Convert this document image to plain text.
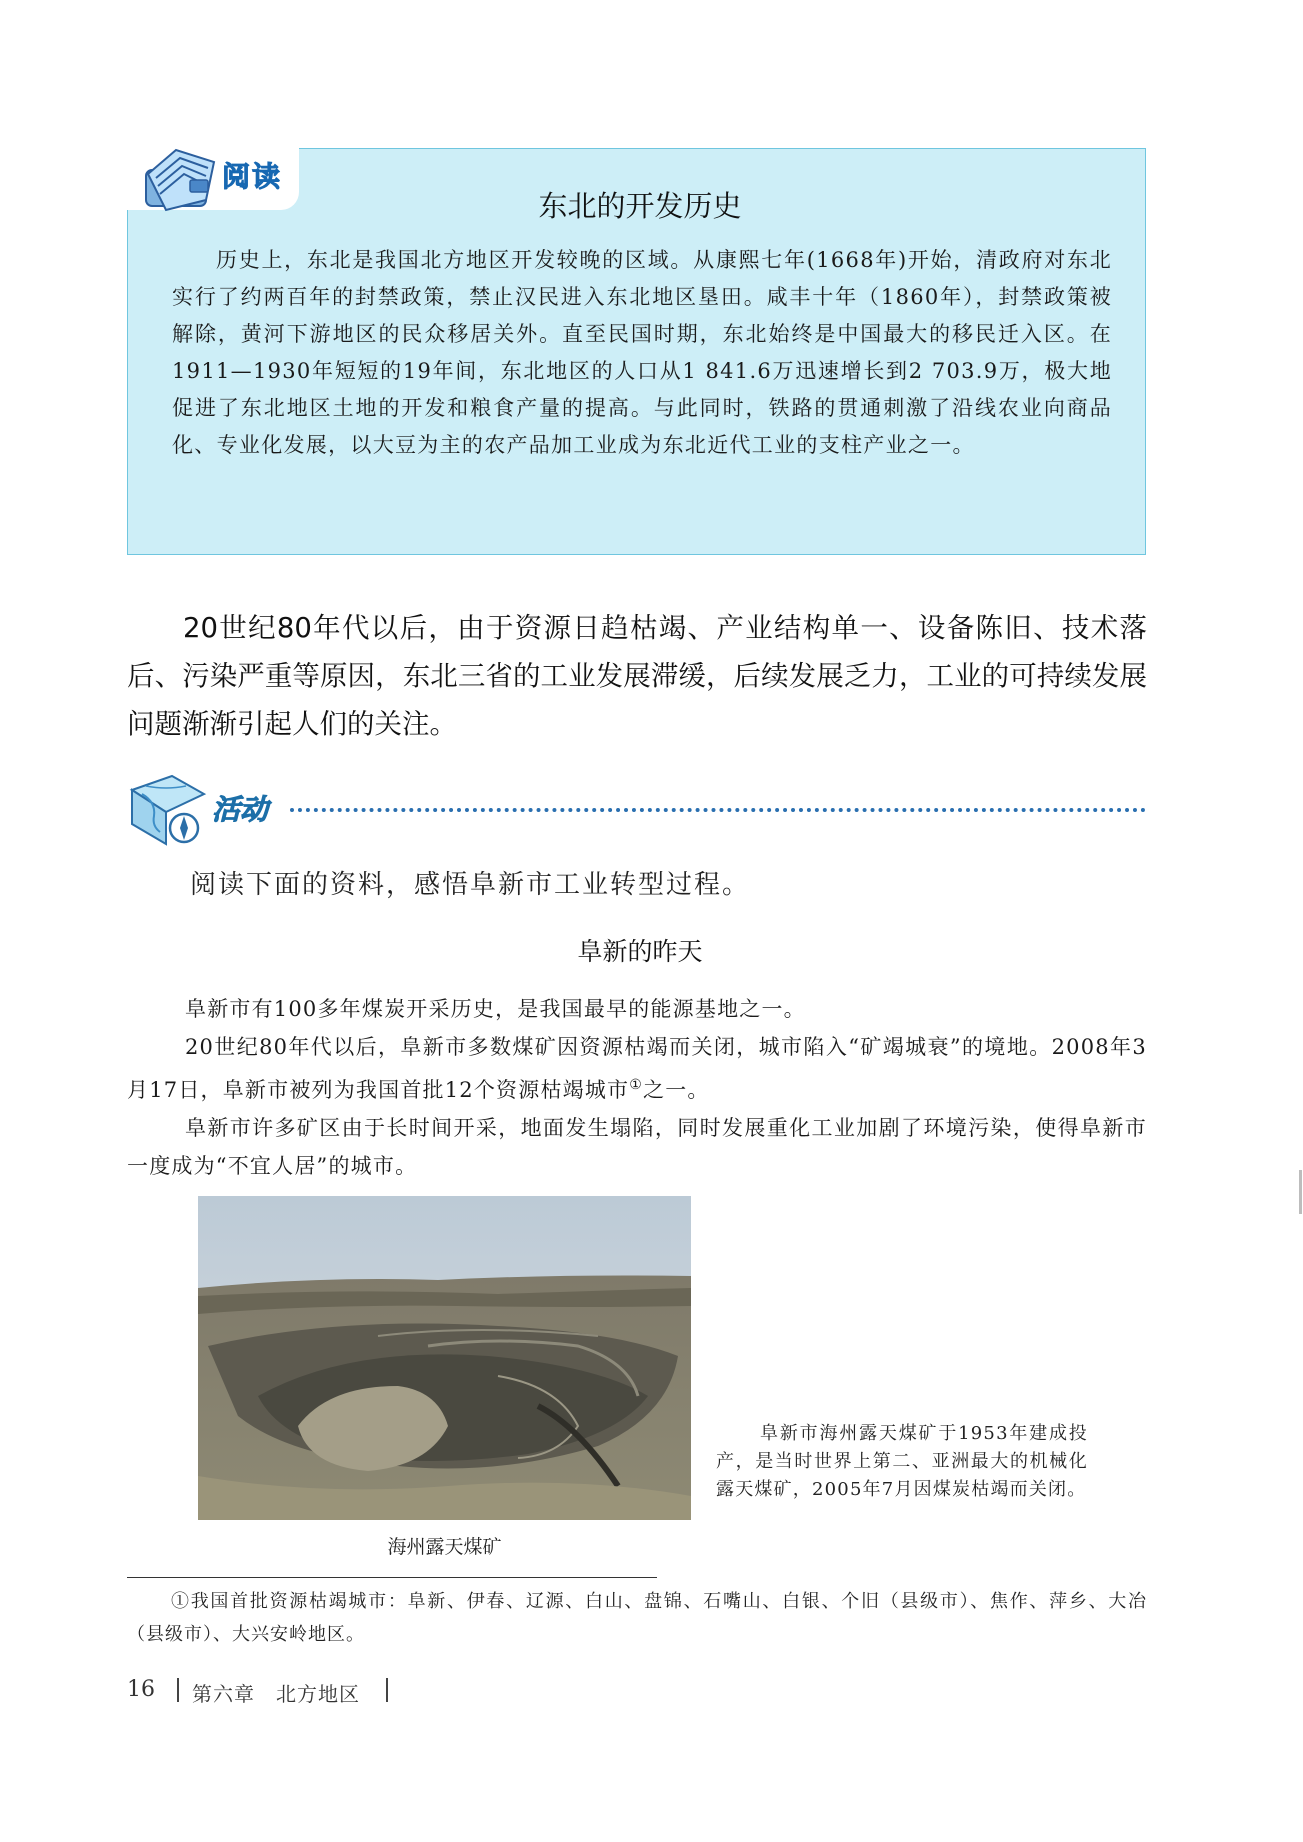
阅读
东北的开发历史

历史上，东北是我国北方地区开发较晚的区域。从康熙七年(1668年)开始，清政府对东北实行了约两百年的封禁政策，禁止汉民进入东北地区垦田。咸丰十年（1860年），封禁政策被解除，黄河下游地区的民众移居关外。直至民国时期，东北始终是中国最大的移民迁入区。在1911—1930年短短的19年间，东北地区的人口从1 841.6万迅速增长到2 703.9万，极大地促进了东北地区土地的开发和粮食产量的提高。与此同时，铁路的贯通刺激了沿线农业向商品化、专业化发展，以大豆为主的农产品加工业成为东北近代工业的支柱产业之一。

20世纪80年代以后，由于资源日趋枯竭、产业结构单一、设备陈旧、技术落后、污染严重等原因，东北三省的工业发展滞缓，后续发展乏力，工业的可持续发展问题渐渐引起人们的关注。

活动
阅读下面的资料，感悟阜新市工业转型过程。
阜新的昨天

阜新市有100多年煤炭开采历史，是我国最早的能源基地之一。

20世纪80年代以后，阜新市多数煤矿因资源枯竭而关闭，城市陷入“矿竭城衰”的境地。2008年3月17日，阜新市被列为我国首批12个资源枯竭城市①之一。

阜新市许多矿区由于长时间开采，地面发生塌陷，同时发展重化工业加剧了环境污染，使得阜新市一度成为“不宜人居”的城市。

海州露天煤矿

阜新市海州露天煤矿于1953年建成投产，是当时世界上第二、亚洲最大的机械化露天煤矿，2005年7月因煤炭枯竭而关闭。

①我国首批资源枯竭城市：阜新、伊春、辽源、白山、盘锦、石嘴山、白银、个旧（县级市）、焦作、萍乡、大冶（县级市）、大兴安岭地区。

16 第六章　北方地区
